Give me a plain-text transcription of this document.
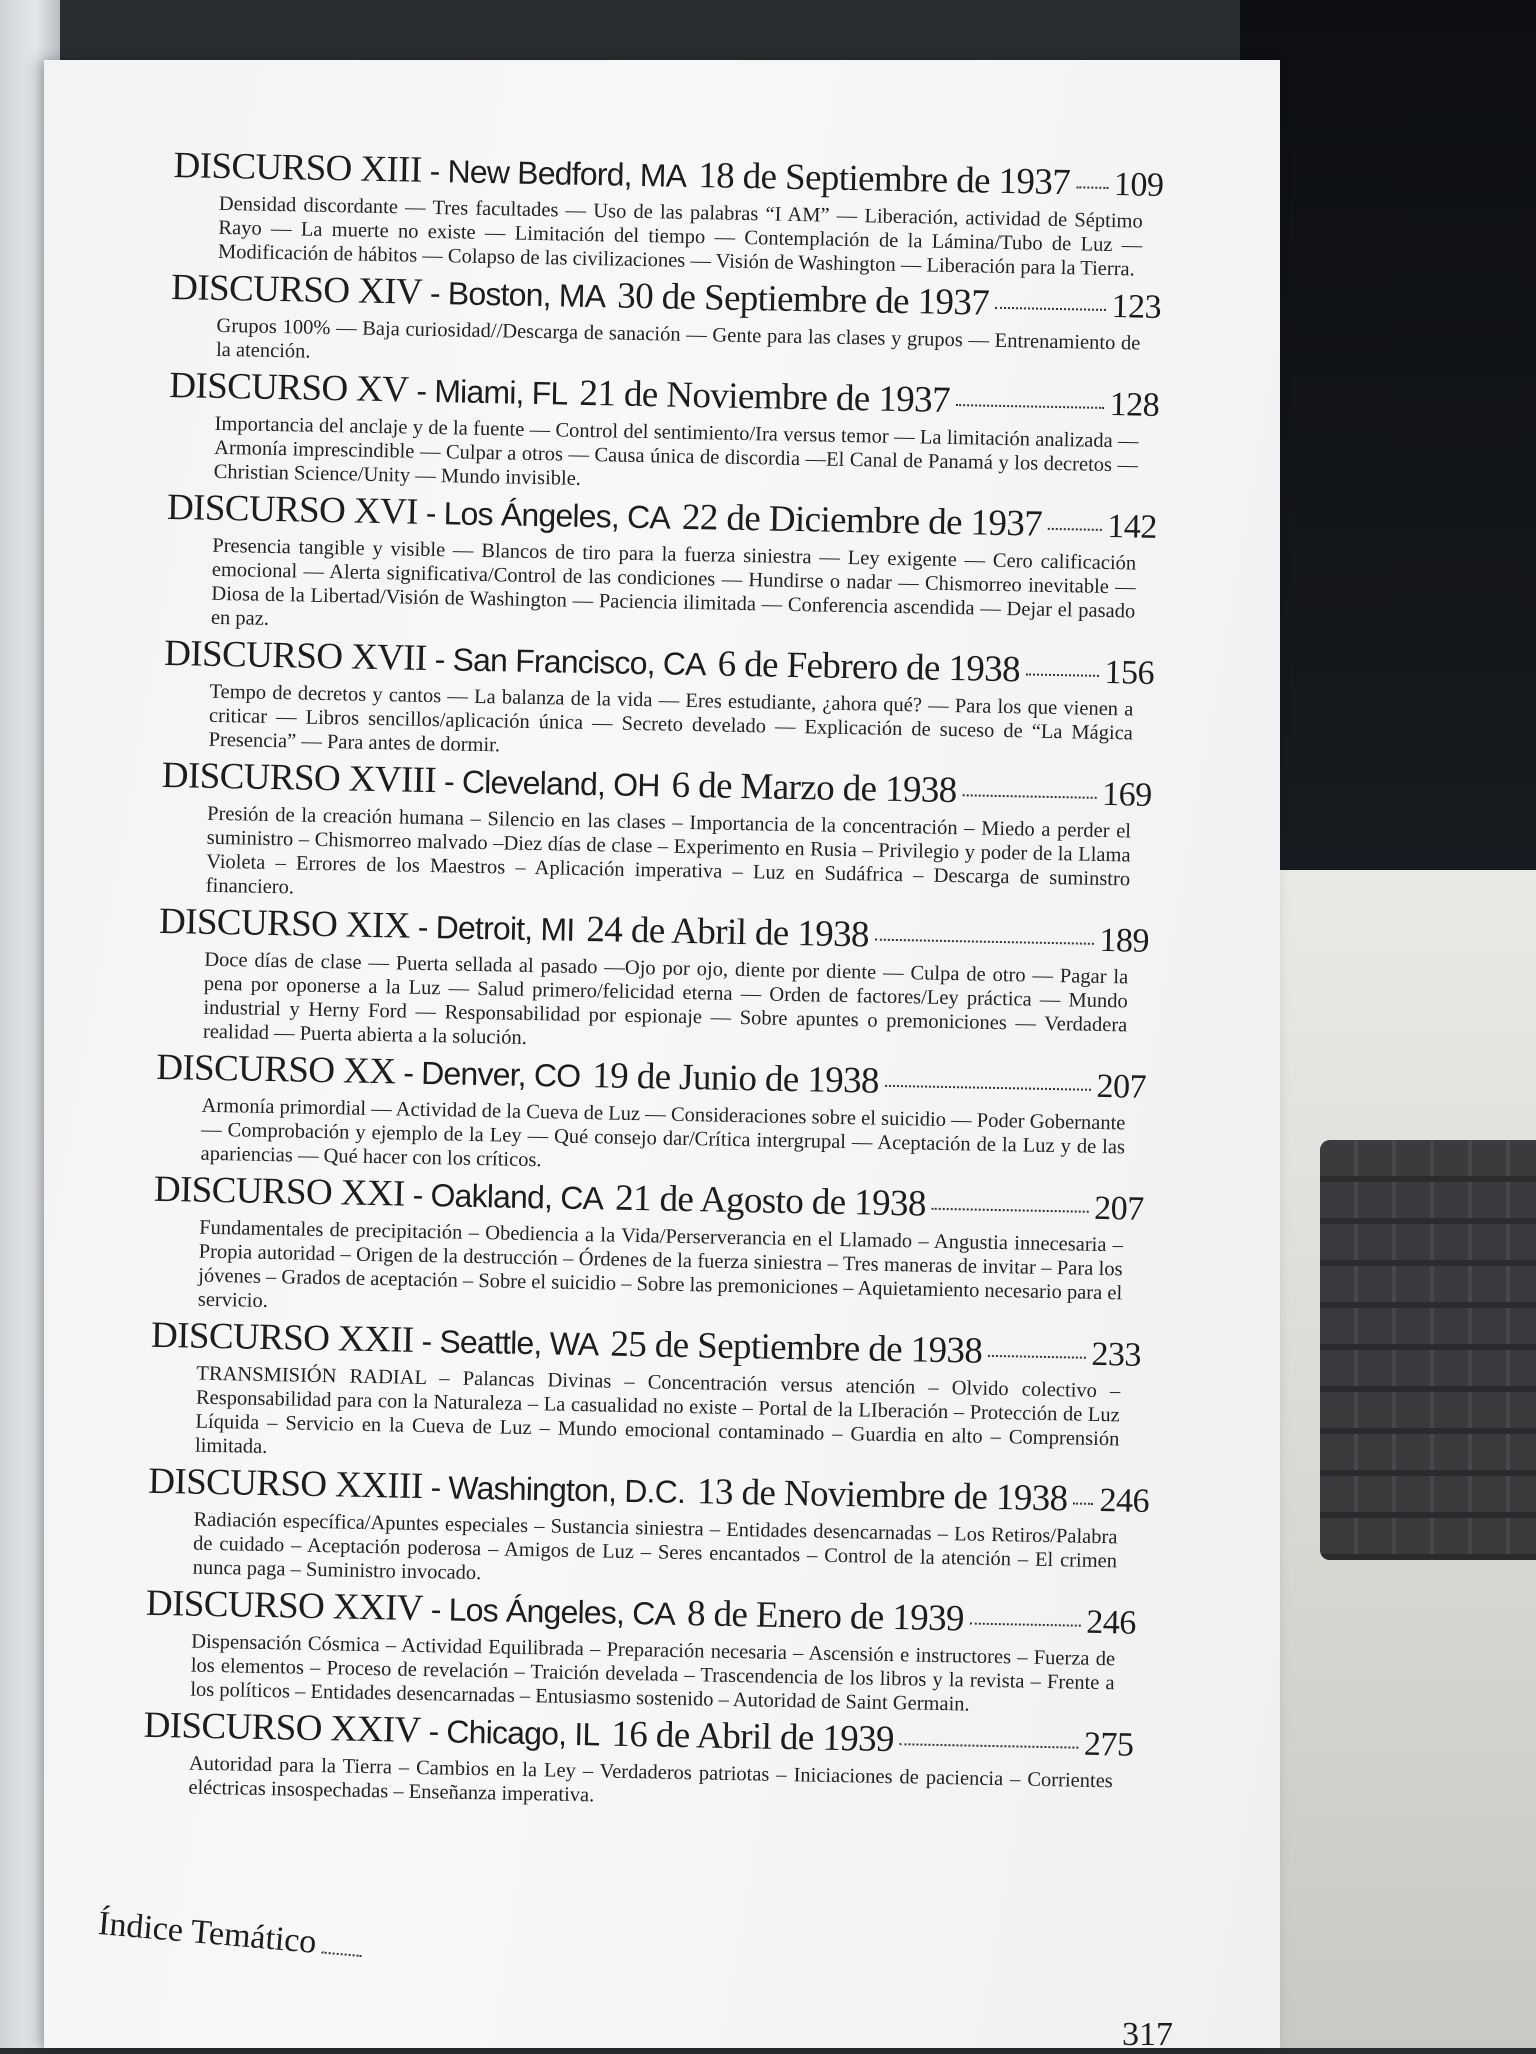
DISCURSO XIII - New Bedford, MA 18 de Septiembre de 1937 109
Densidad discordante — Tres facultades — Uso de las palabras “I AM” — Liberación, actividad de Séptimo Rayo — La muerte no existe — Limitación del tiempo — Contemplación de la Lámina/Tubo de Luz — Modificación de hábitos — Colapso de las civilizaciones — Visión de Washington — Liberación para la Tierra.
DISCURSO XIV - Boston, MA 30 de Septiembre de 1937	123
Grupos 100% — Baja curiosidad//Descarga de sanación — Gente para las clases y grupos — Entrenamiento de la atención.
DISCURSO XV - Miami, FL 21 de Noviembre de 1937	128
Importancia del anclaje y de la fuente — Control del sentimiento/Ira versus temor — La limitación analizada — Armonía imprescindible — Culpar a otros — Causa única de discordia —El Canal de Panamá y los decretos — Christian Science/Unity — Mundo invisible.
DISCURSO XVI - Los Ángeles, CA 22 de Diciembre de 1937 142
Presencia tangible y visible — Blancos de tiro para la fuerza siniestra — Ley exigente — Cero calificación emocional — Alerta significativa/Control de las condiciones — Hundirse o nadar — Chismorreo inevitable — Diosa de la Libertad/Visión de Washington — Paciencia ilimitada — Conferencia ascendida — Dejar el pasado en paz.
DISCURSO XVII - San Francisco, CA 6 de Febrero de 1938 156
Tempo de decretos y cantos — La balanza de la vida — Eres estudiante, ¿ahora qué? — Para los que vienen a criticar — Libros sencillos/aplicación única — Secreto develado — Explicación de suceso de “La Mágica Presencia” — Para antes de dormir.
DISCURSO XVIII - Cleveland, OH 6 de Marzo de 1938	169
Presión de la creación humana – Silencio en las clases – Importancia de la concentración – Miedo a perder el suministro – Chismorreo malvado –Diez días de clase – Experimento en Rusia – Privilegio y poder de la Llama Violeta – Errores de los Maestros – Aplicación imperativa – Luz en Sudáfrica – Descarga de suminstro financiero.
DISCURSO XIX - Detroit, MI 24 de Abril de 1938	189
Doce días de clase — Puerta sellada al pasado —Ojo por ojo, diente por diente — Culpa de otro — Pagar la pena por oponerse a la Luz — Salud primero/felicidad eterna — Orden de factores/Ley práctica — Mundo industrial y Herny Ford — Responsabilidad por espionaje — Sobre apuntes o premoniciones — Verdadera realidad — Puerta abierta a la solución.
DISCURSO XX - Denver, CO 19 de Junio de 1938	207
Armonía primordial — Actividad de la Cueva de Luz — Consideraciones sobre el suicidio — Poder Gobernante — Comprobación y ejemplo de la Ley — Qué consejo dar/Crítica intergrupal — Aceptación de la Luz y de las apariencias — Qué hacer con los críticos.
DISCURSO XXI - Oakland, CA 21 de Agosto de 1938	207
Fundamentales de precipitación – Obediencia a la Vida/Perserverancia en el Llamado – Angustia innecesaria – Propia autoridad – Origen de la destrucción – Órdenes de la fuerza siniestra – Tres maneras de invitar – Para los jóvenes – Grados de aceptación – Sobre el suicidio – Sobre las premoniciones – Aquietamiento necesario para el servicio.
DISCURSO XXII - Seattle, WA 25 de Septiembre de 1938	233
TRANSMISIÓN RADIAL – Palancas Divinas – Concentración versus atención – Olvido colectivo – Responsabilidad para con la Naturaleza – La casualidad no existe – Portal de la LIberación – Protección de Luz Líquida – Servicio en la Cueva de Luz – Mundo emocional contaminado – Guardia en alto – Comprensión limitada.
DISCURSO XXIII - Washington, D.C. 13 de Noviembre de 1938 246
Radiación específica/Apuntes especiales – Sustancia siniestra – Entidades desencarnadas – Los Retiros/Palabra de cuidado – Aceptación poderosa – Amigos de Luz – Seres encantados – Control de la atención – El crimen nunca paga – Suministro invocado.
DISCURSO XXIV - Los Ángeles, CA 8 de Enero de 1939	246
Dispensación Cósmica – Actividad Equilibrada – Preparación necesaria – Ascensión e instructores – Fuerza de los elementos – Proceso de revelación – Traición develada – Trascendencia de los libros y la revista – Frente a los políticos – Entidades desencarnadas – Entusiasmo sostenido – Autoridad de Saint Germain.
DISCURSO XXIV - Chicago, IL 16 de Abril de 1939	275
Autoridad para la Tierra – Cambios en la Ley – Verdaderos patriotas – Iniciaciones de paciencia – Corrientes eléctricas insospechadas – Enseñanza imperativa.
Índice Temático
317
